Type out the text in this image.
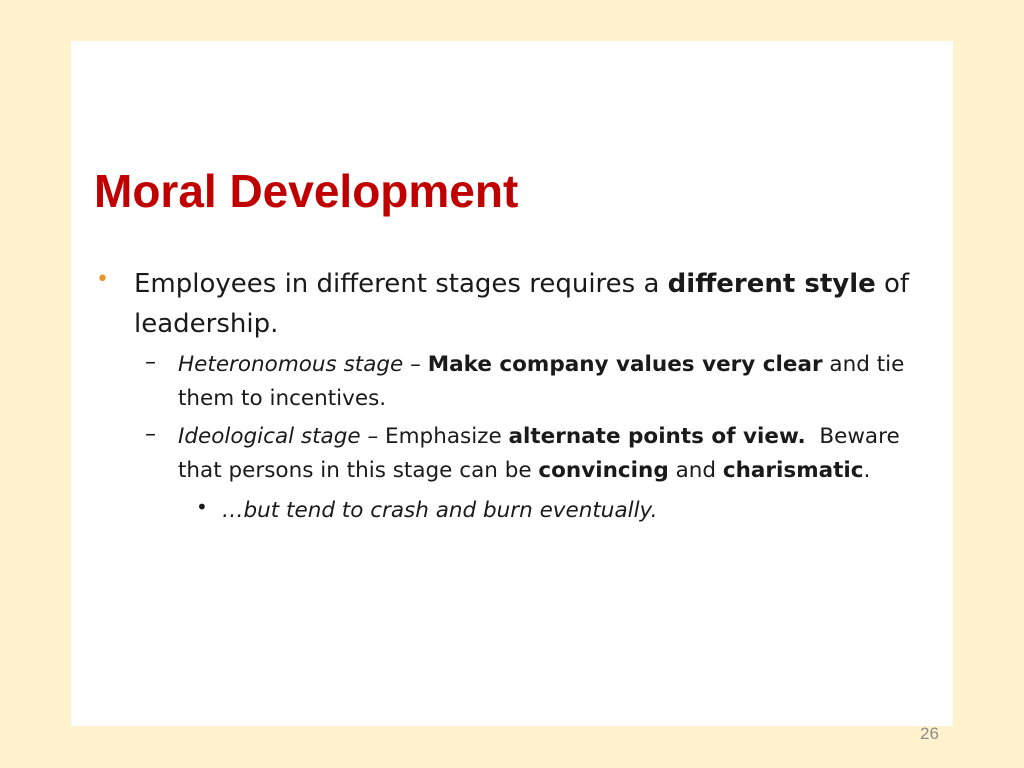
Moral Development
• Employees in different stages requires a different style of leadership.
– Heteronomous stage – Make company values very clear and tie them to incentives.
– Ideological stage – Emphasize alternate points of view.  Beware that persons in this stage can be convincing and charismatic.
• …but tend to crash and burn eventually.
26
